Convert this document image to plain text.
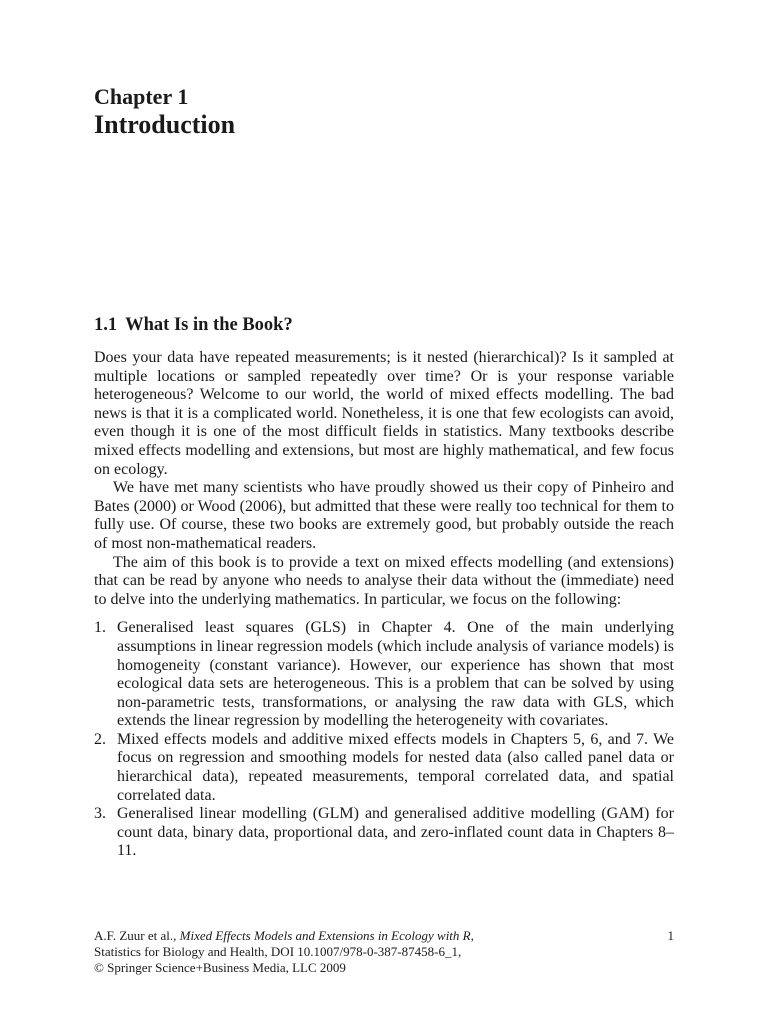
Chapter 1
Introduction
1.1 What Is in the Book?

Does your data have repeated measurements; is it nested (hierarchical)? Is it sampled at multiple locations or sampled repeatedly over time? Or is your response variable heterogeneous? Welcome to our world, the world of mixed effects modelling. The bad news is that it is a complicated world. Nonetheless, it is one that few ecologists can avoid, even though it is one of the most difficult fields in statistics. Many textbooks describe mixed effects modelling and extensions, but most are highly mathematical, and few focus on ecology.

We have met many scientists who have proudly showed us their copy of Pinheiro and Bates (2000) or Wood (2006), but admitted that these were really too technical for them to fully use. Of course, these two books are extremely good, but probably outside the reach of most non-mathematical readers.

The aim of this book is to provide a text on mixed effects modelling (and extensions) that can be read by anyone who needs to analyse their data without the (immediate) need to delve into the underlying mathematics. In particular, we focus on the following:

1. Generalised least squares (GLS) in Chapter 4. One of the main underlying assumptions in linear regression models (which include analysis of variance models) is homogeneity (constant variance). However, our experience has shown that most ecological data sets are heterogeneous. This is a problem that can be solved by using non-parametric tests, transformations, or analysing the raw data with GLS, which extends the linear regression by modelling the heterogeneity with covariates.
2. Mixed effects models and additive mixed effects models in Chapters 5, 6, and 7. We focus on regression and smoothing models for nested data (also called panel data or hierarchical data), repeated measurements, temporal correlated data, and spatial correlated data.
3. Generalised linear modelling (GLM) and generalised additive modelling (GAM) for count data, binary data, proportional data, and zero-inflated count data in Chapters 8–11.
A.F. Zuur et al., Mixed Effects Models and Extensions in Ecology with R,
Statistics for Biology and Health, DOI 10.1007/978-0-387-87458-6_1,
© Springer Science+Business Media, LLC 2009
1
